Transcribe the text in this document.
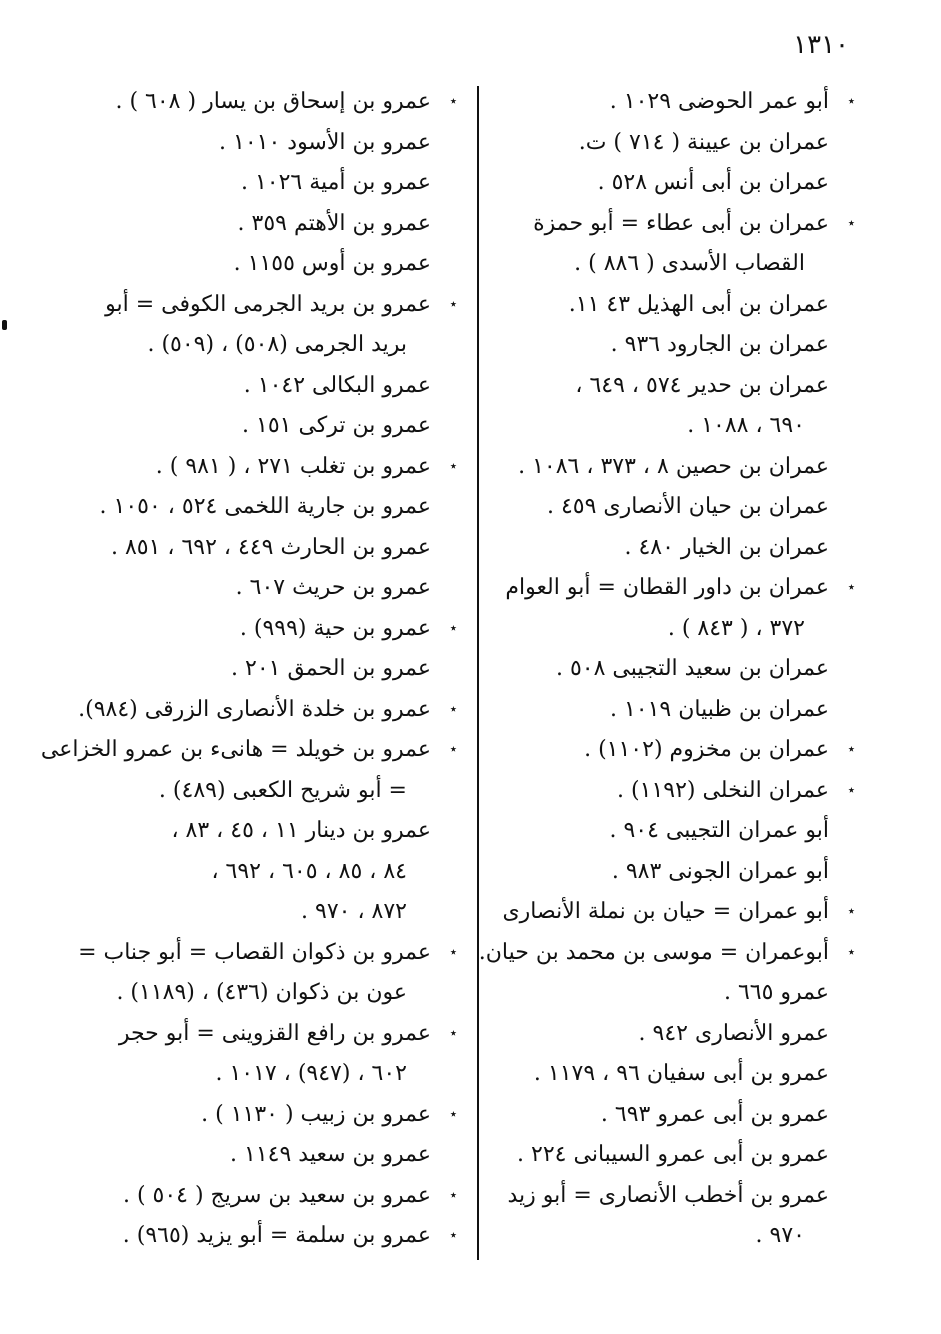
١٣١٠
٭
أبو عمر الحوضى ١٠٢٩ .
عمران بن عيينة ( ٧١٤ ) ت.
عمران بن أبى أنس ٥٢٨ .
٭
عمران بن أبى عطاء = أبو حمزة
القصاب الأسدى ( ٨٨٦ ) .
عمران بن أبى الهذيل ٤٣ ١١.
عمران بن الجارود ٩٣٦ .
عمران بن حدير ٥٧٤ ، ٦٤٩ ،
٦٩٠ ، ١٠٨٨ .
عمران بن حصين ٨ ، ٣٧٣ ، ١٠٨٦ .
عمران بن حيان الأنصارى ٤٥٩ .
عمران بن الخيار ٤٨٠ .
٭
عمران بن داور القطان = أبو العوام
٣٧٢ ، ( ٨٤٣ ) .
عمران بن سعيد التجيبى ٥٠٨ .
عمران بن ظبيان ١٠١٩ .
٭
عمران بن مخزوم (١١٠٢) .
٭
عمران النخلى (١١٩٢) .
أبو عمران التجيبى ٩٠٤ .
أبو عمران الجونى ٩٨٣ .
٭
أبو عمران = حيان بن نملة الأنصارى
٭
أبوعمران = موسى بن محمد بن حيان.
عمرو ٦٦٥ .
عمرو الأنصارى ٩٤٢ .
عمرو بن أبى سفيان ٩٦ ، ١١٧٩ .
عمرو بن أبى عمرو ٦٩٣ .
عمرو بن أبى عمرو السيبانى ٢٢٤ .
عمرو بن أخطب الأنصارى = أبو زيد
٩٧٠ .
٭
عمرو بن إسحاق بن يسار ( ٦٠٨ ) .
عمرو بن الأسود ١٠١٠ .
عمرو بن أمية ١٠٢٦ .
عمرو بن الأهتم ٣٥٩ .
عمرو بن أوس ١١٥٥ .
٭
عمرو بن بريد الجرمى الكوفى = أبو
بريد الجرمى (٥٠٨) ، (٥٠٩) .
عمرو البكالى ١٠٤٢ .
عمرو بن تركى ١٥١ .
٭
عمرو بن تغلب ٢٧١ ، ( ٩٨١ ) .
عمرو بن جارية اللخمى ٥٢٤ ، ١٠٥٠ .
عمرو بن الحارث ٤٤٩ ، ٦٩٢ ، ٨٥١ .
عمرو بن حريث ٦٠٧ .
٭
عمرو بن حية (٩٩٩) .
عمرو بن الحمق ٢٠١ .
٭
عمرو بن خلدة الأنصارى الزرقى (٩٨٤).
٭
عمرو بن خويلد = هانىء بن عمرو الخزاعى
= أبو شريح الكعبى (٤٨٩) .
عمرو بن دينار ١١ ، ٤٥ ، ٨٣ ،
٨٤ ، ٨٥ ، ٦٠٥ ، ٦٩٢ ،
٨٧٢ ، ٩٧٠ .
٭
عمرو بن ذكوان القصاب = أبو جناب =
عون بن ذكوان (٤٣٦) ، (١١٨٩) .
٭
عمرو بن رافع القزوينى = أبو حجر
٦٠٢ ، (٩٤٧) ، ١٠١٧ .
٭
عمرو بن زبيب ( ١١٣٠ ) .
عمرو بن سعيد ١١٤٩ .
٭
عمرو بن سعيد بن سريج ( ٥٠٤ ) .
٭
عمرو بن سلمة = أبو يزيد (٩٦٥) .
